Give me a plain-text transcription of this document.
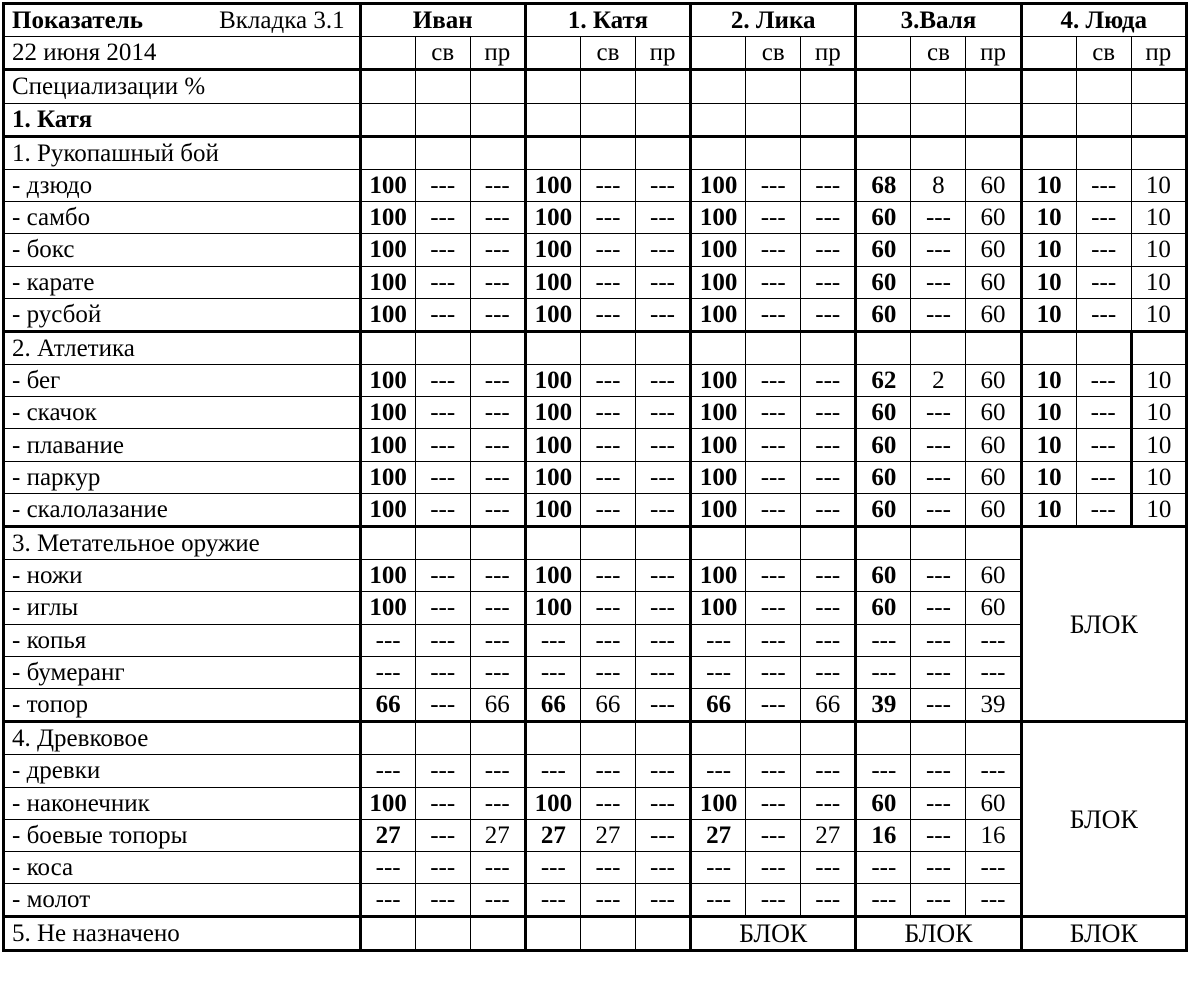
Показатель Вкладка 3.1	Иван			1. Катя			2. Лика			3.Валя			4. Люда		
22 июня 2014		св	пр		св	пр		св	пр		св	пр		св	пр
Специализации %															
1. Катя															
1. Рукопашный бой															
- дзюдо	100	---	---	100	---	---	100	---	---	68	8	60	10	---	10
- самбо	100	---	---	100	---	---	100	---	---	60	---	60	10	---	10
- бокс	100	---	---	100	---	---	100	---	---	60	---	60	10	---	10
- карате	100	---	---	100	---	---	100	---	---	60	---	60	10	---	10
- русбой	100	---	---	100	---	---	100	---	---	60	---	60	10	---	10
2. Атлетика															
- бег	100	---	---	100	---	---	100	---	---	62	2	60	10	---	10
- скачок	100	---	---	100	---	---	100	---	---	60	---	60	10	---	10
- плавание	100	---	---	100	---	---	100	---	---	60	---	60	10	---	10
- паркур	100	---	---	100	---	---	100	---	---	60	---	60	10	---	10
- скалолазание	100	---	---	100	---	---	100	---	---	60	---	60	10	---	10
3. Метательное оружие													БЛОК		
- ножи	100	---	---	100	---	---	100	---	---	60	---	60			
- иглы	100	---	---	100	---	---	100	---	---	60	---	60			
- копья	---	---	---	---	---	---	---	---	---	---	---	---			
- бумеранг	---	---	---	---	---	---	---	---	---	---	---	---			
- топор	66	---	66	66	66	---	66	---	66	39	---	39			
4. Древковое													БЛОК		
- древки	---	---	---	---	---	---	---	---	---	---	---	---			
- наконечник	100	---	---	100	---	---	100	---	---	60	---	60			
- боевые топоры	27	---	27	27	27	---	27	---	27	16	---	16			
- коса	---	---	---	---	---	---	---	---	---	---	---	---			
- молот	---	---	---	---	---	---	---	---	---	---	---	---			
5. Не назначено							БЛОК			БЛОК			БЛОК		
